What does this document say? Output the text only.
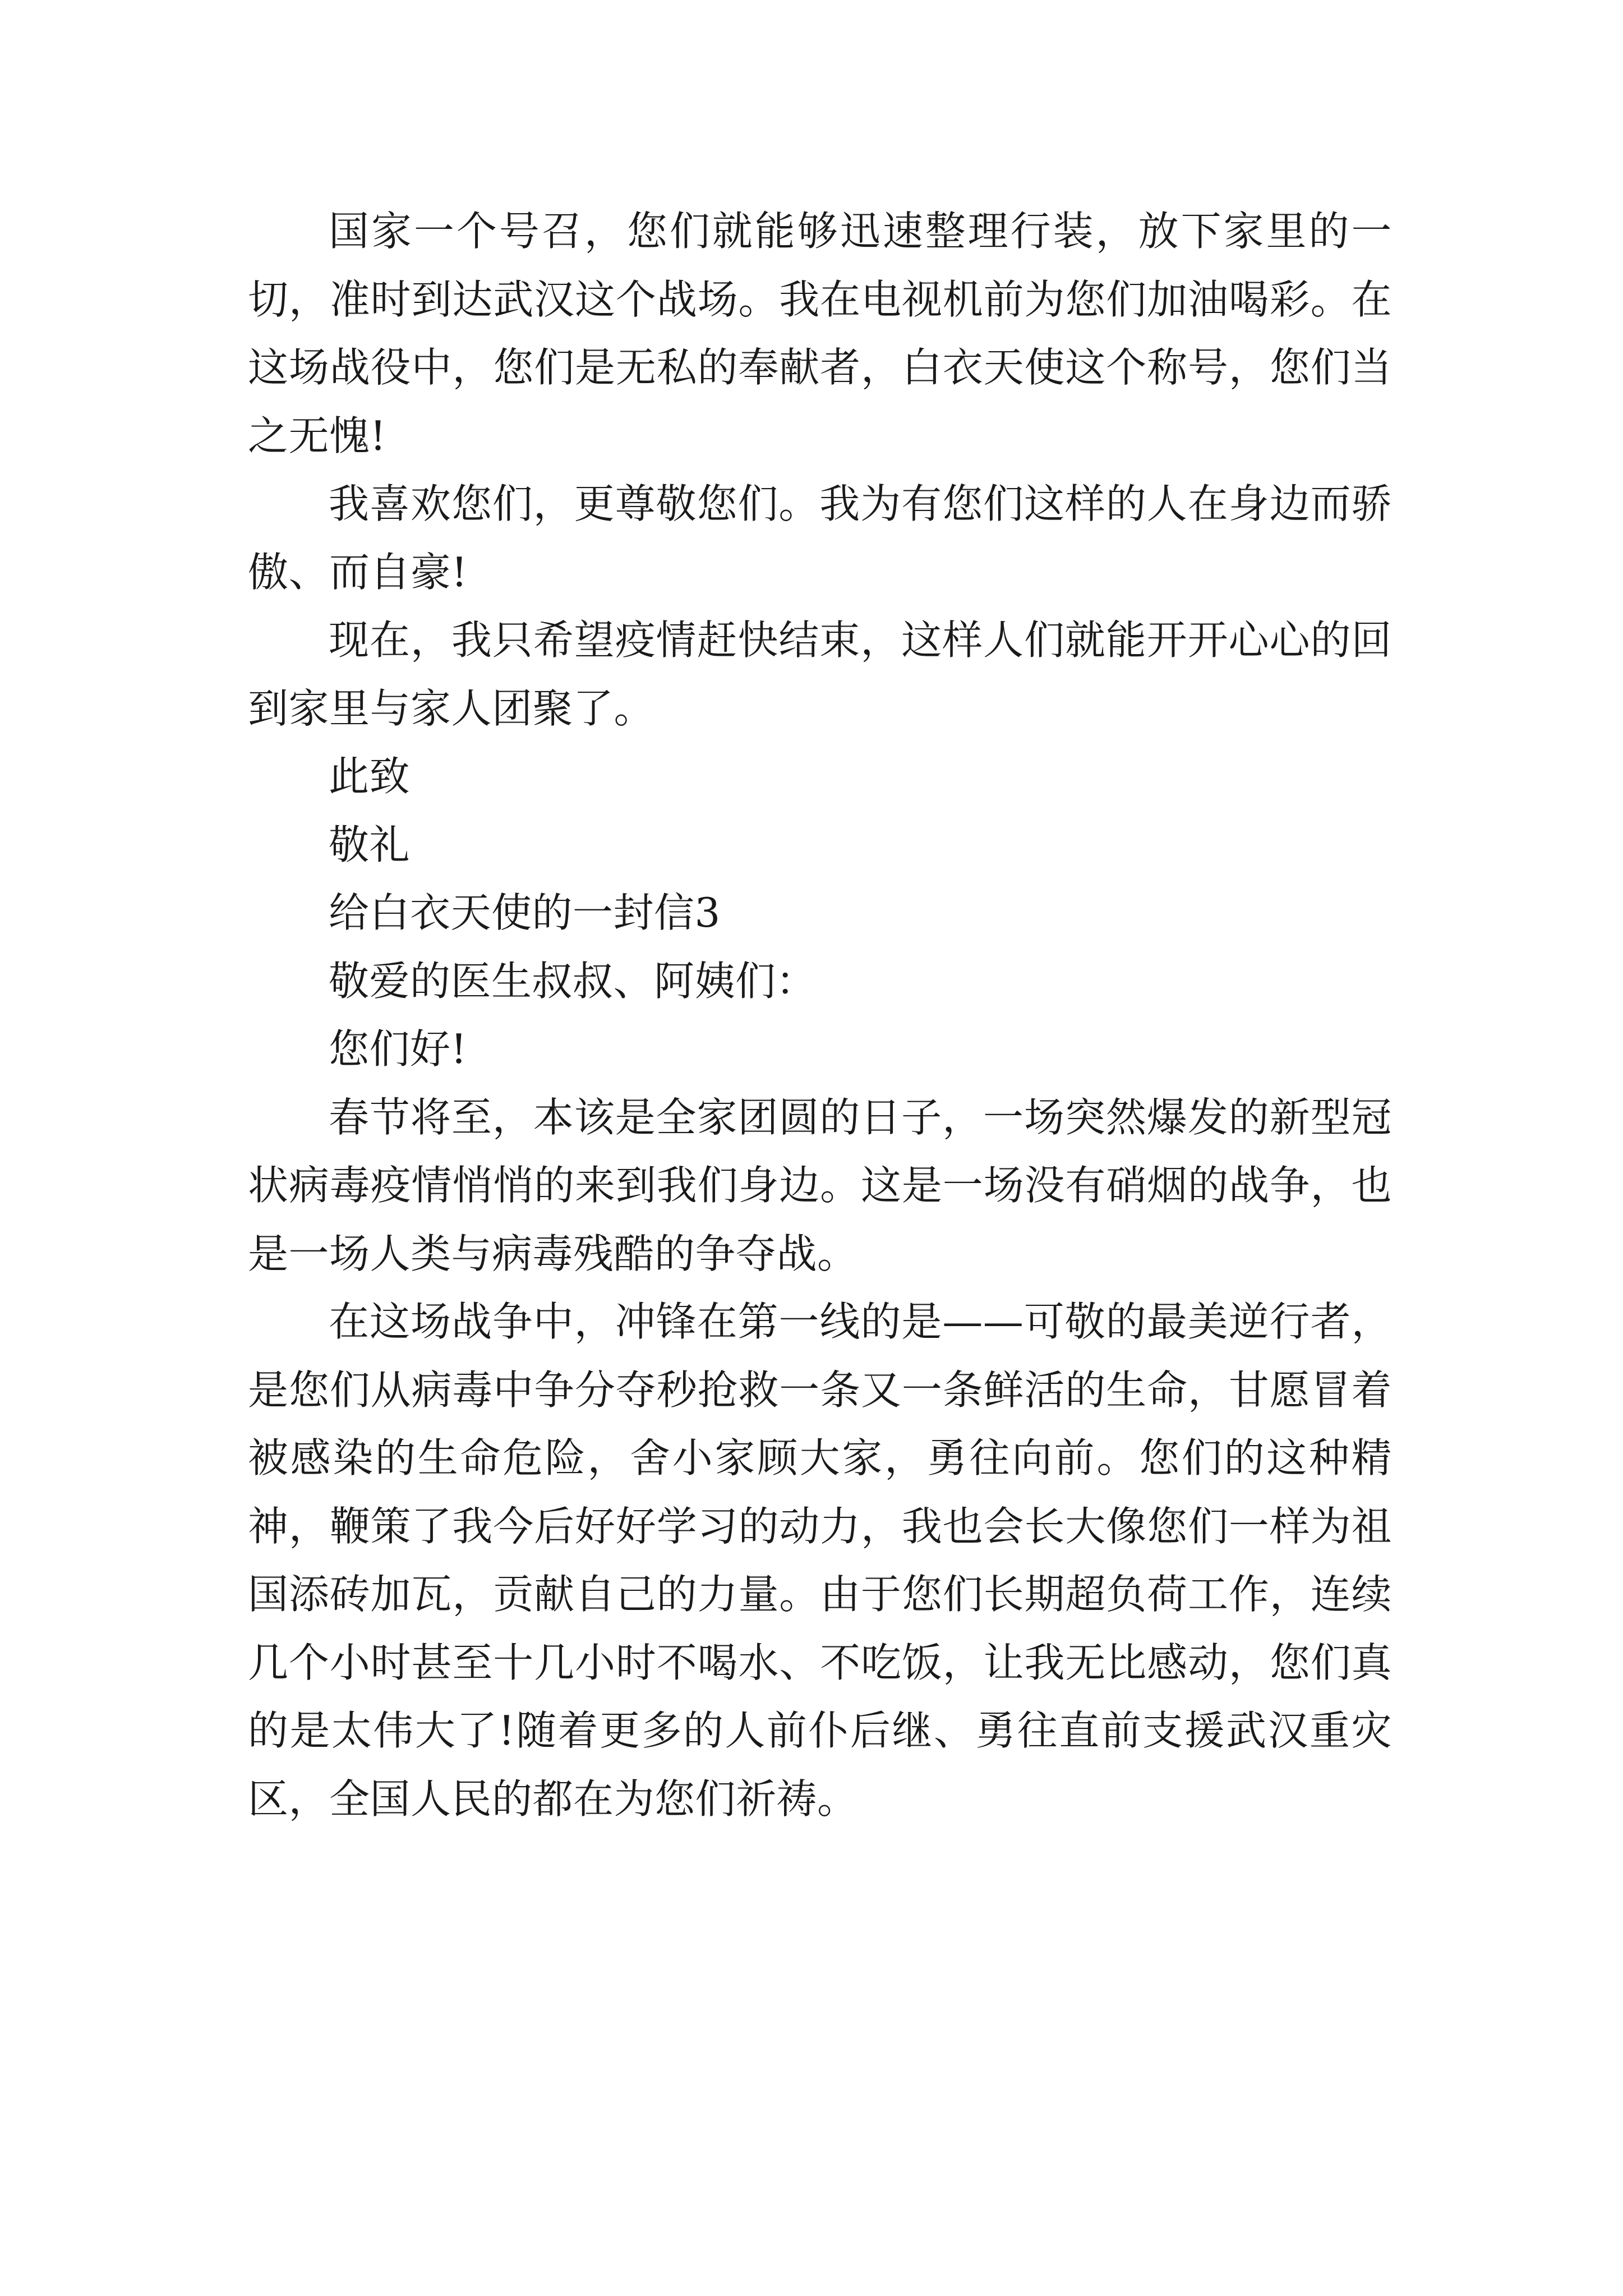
国家一个号召，您们就能够迅速整理行装，放下家里的一切，准时到达武汉这个战场。我在电视机前为您们加油喝彩。在这场战役中，您们是无私的奉献者，白衣天使这个称号，您们当之无愧!

我喜欢您们，更尊敬您们。我为有您们这样的人在身边而骄傲、而自豪!

现在，我只希望疫情赶快结束，这样人们就能开开心心的回到家里与家人团聚了。

此致

敬礼

给白衣天使的一封信3

敬爱的医生叔叔、阿姨们：

您们好!

春节将至，本该是全家团圆的日子，一场突然爆发的新型冠状病毒疫情悄悄的来到我们身边。这是一场没有硝烟的战争，也是一场人类与病毒残酷的争夺战。

在这场战争中，冲锋在第一线的是——可敬的最美逆行者，是您们从病毒中争分夺秒抢救一条又一条鲜活的生命，甘愿冒着被感染的生命危险，舍小家顾大家，勇往向前。您们的这种精神，鞭策了我今后好好学习的动力，我也会长大像您们一样为祖国添砖加瓦，贡献自己的力量。由于您们长期超负荷工作，连续几个小时甚至十几小时不喝水、不吃饭，让我无比感动，您们真的是太伟大了!随着更多的人前仆后继、勇往直前支援武汉重灾区，全国人民的都在为您们祈祷。
